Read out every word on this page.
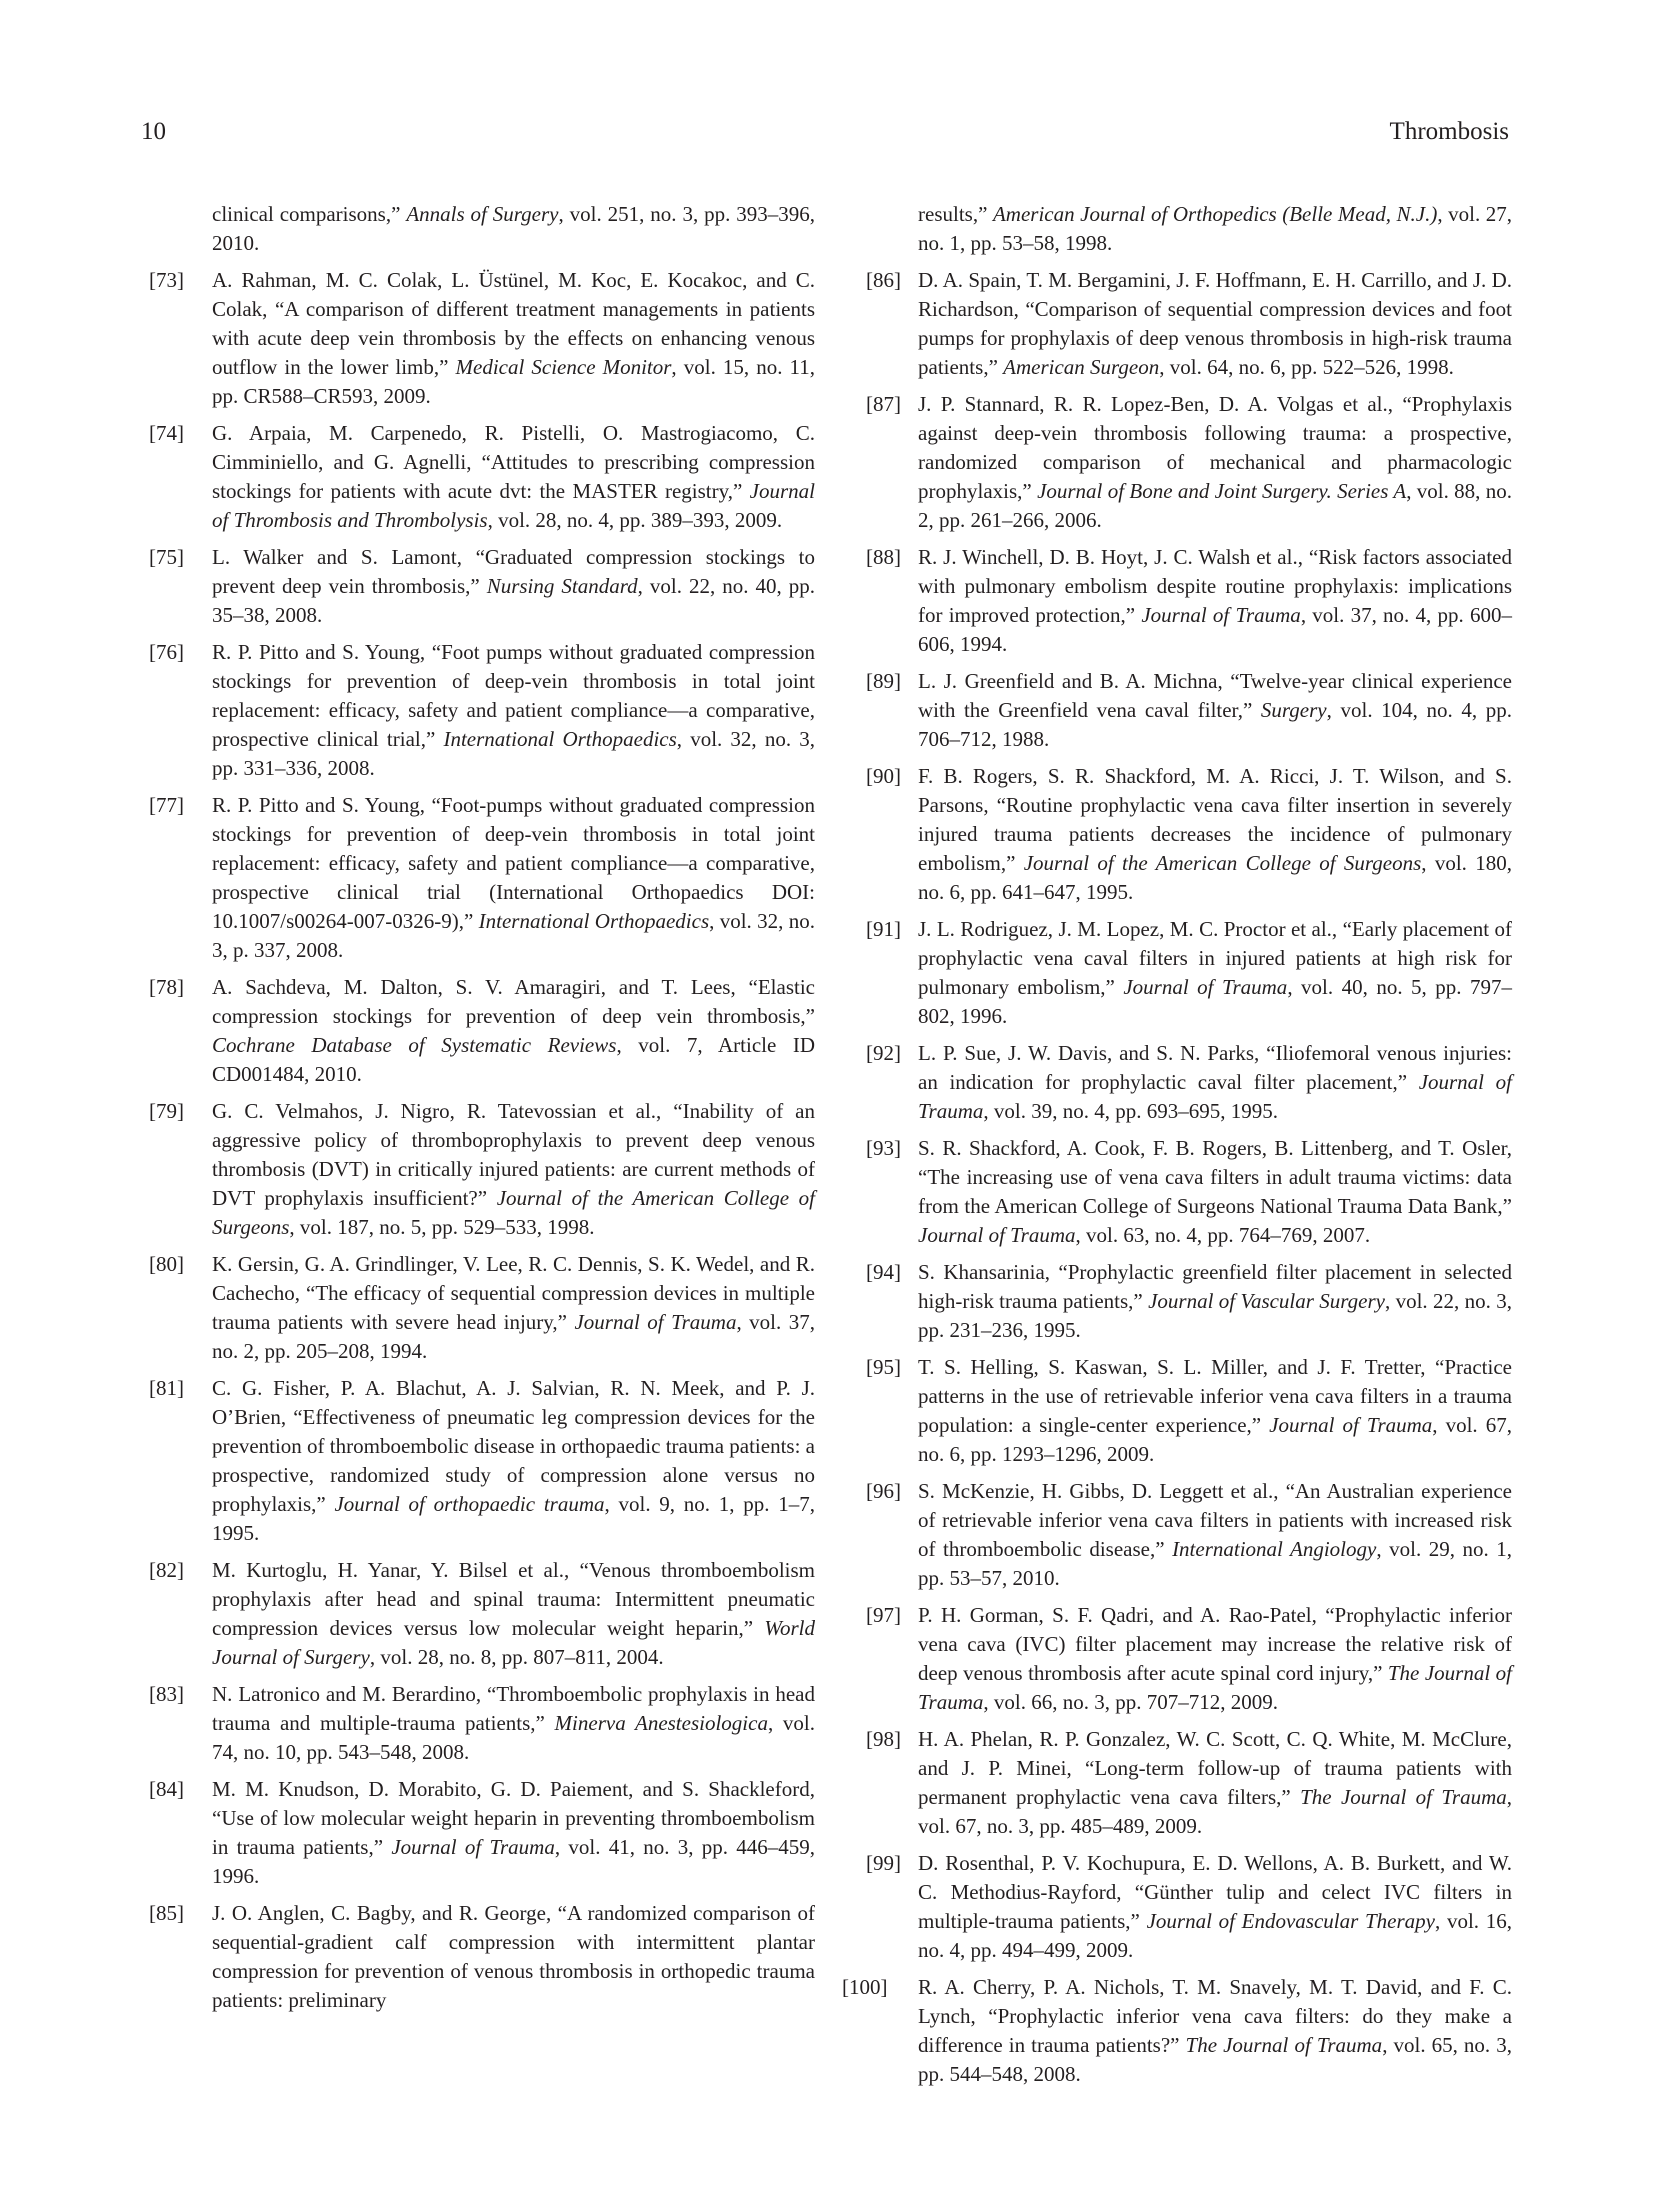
10	Thrombosis
clinical comparisons,” Annals of Surgery, vol. 251, no. 3, pp. 393–396, 2010.
[73] A. Rahman, M. C. Colak, L. Üstünel, M. Koc, E. Kocakoc, and C. Colak, “A comparison of different treatment managements in patients with acute deep vein thrombosis by the effects on enhancing venous outflow in the lower limb,” Medical Science Monitor, vol. 15, no. 11, pp. CR588–CR593, 2009.
[74] G. Arpaia, M. Carpenedo, R. Pistelli, O. Mastrogiacomo, C. Cimminiello, and G. Agnelli, “Attitudes to prescribing compression stockings for patients with acute dvt: the MASTER registry,” Journal of Thrombosis and Thrombolysis, vol. 28, no. 4, pp. 389–393, 2009.
[75] L. Walker and S. Lamont, “Graduated compression stockings to prevent deep vein thrombosis,” Nursing Standard, vol. 22, no. 40, pp. 35–38, 2008.
[76] R. P. Pitto and S. Young, “Foot pumps without graduated compression stockings for prevention of deep-vein thrombosis in total joint replacement: efficacy, safety and patient compliance—a comparative, prospective clinical trial,” International Orthopaedics, vol. 32, no. 3, pp. 331–336, 2008.
[77] R. P. Pitto and S. Young, “Foot-pumps without graduated compression stockings for prevention of deep-vein thrombosis in total joint replacement: efficacy, safety and patient compliance—a comparative, prospective clinical trial (International Orthopaedics DOI: 10.1007/s00264-007-0326-9),” International Orthopaedics, vol. 32, no. 3, p. 337, 2008.
[78] A. Sachdeva, M. Dalton, S. V. Amaragiri, and T. Lees, “Elastic compression stockings for prevention of deep vein thrombosis,” Cochrane Database of Systematic Reviews, vol. 7, Article ID CD001484, 2010.
[79] G. C. Velmahos, J. Nigro, R. Tatevossian et al., “Inability of an aggressive policy of thromboprophylaxis to prevent deep venous thrombosis (DVT) in critically injured patients: are current methods of DVT prophylaxis insufficient?” Journal of the American College of Surgeons, vol. 187, no. 5, pp. 529–533, 1998.
[80] K. Gersin, G. A. Grindlinger, V. Lee, R. C. Dennis, S. K. Wedel, and R. Cachecho, “The efficacy of sequential compression devices in multiple trauma patients with severe head injury,” Journal of Trauma, vol. 37, no. 2, pp. 205–208, 1994.
[81] C. G. Fisher, P. A. Blachut, A. J. Salvian, R. N. Meek, and P. J. O’Brien, “Effectiveness of pneumatic leg compression devices for the prevention of thromboembolic disease in orthopaedic trauma patients: a prospective, randomized study of compression alone versus no prophylaxis,” Journal of orthopaedic trauma, vol. 9, no. 1, pp. 1–7, 1995.
[82] M. Kurtoglu, H. Yanar, Y. Bilsel et al., “Venous thromboembolism prophylaxis after head and spinal trauma: Intermittent pneumatic compression devices versus low molecular weight heparin,” World Journal of Surgery, vol. 28, no. 8, pp. 807–811, 2004.
[83] N. Latronico and M. Berardino, “Thromboembolic prophylaxis in head trauma and multiple-trauma patients,” Minerva Anestesiologica, vol. 74, no. 10, pp. 543–548, 2008.
[84] M. M. Knudson, D. Morabito, G. D. Paiement, and S. Shackleford, “Use of low molecular weight heparin in preventing thromboembolism in trauma patients,” Journal of Trauma, vol. 41, no. 3, pp. 446–459, 1996.
[85] J. O. Anglen, C. Bagby, and R. George, “A randomized comparison of sequential-gradient calf compression with intermittent plantar compression for prevention of venous thrombosis in orthopedic trauma patients: preliminary
results,” American Journal of Orthopedics (Belle Mead, N.J.), vol. 27, no. 1, pp. 53–58, 1998.
[86] D. A. Spain, T. M. Bergamini, J. F. Hoffmann, E. H. Carrillo, and J. D. Richardson, “Comparison of sequential compression devices and foot pumps for prophylaxis of deep venous thrombosis in high-risk trauma patients,” American Surgeon, vol. 64, no. 6, pp. 522–526, 1998.
[87] J. P. Stannard, R. R. Lopez-Ben, D. A. Volgas et al., “Prophylaxis against deep-vein thrombosis following trauma: a prospective, randomized comparison of mechanical and pharmacologic prophylaxis,” Journal of Bone and Joint Surgery. Series A, vol. 88, no. 2, pp. 261–266, 2006.
[88] R. J. Winchell, D. B. Hoyt, J. C. Walsh et al., “Risk factors associated with pulmonary embolism despite routine prophylaxis: implications for improved protection,” Journal of Trauma, vol. 37, no. 4, pp. 600–606, 1994.
[89] L. J. Greenfield and B. A. Michna, “Twelve-year clinical experience with the Greenfield vena caval filter,” Surgery, vol. 104, no. 4, pp. 706–712, 1988.
[90] F. B. Rogers, S. R. Shackford, M. A. Ricci, J. T. Wilson, and S. Parsons, “Routine prophylactic vena cava filter insertion in severely injured trauma patients decreases the incidence of pulmonary embolism,” Journal of the American College of Surgeons, vol. 180, no. 6, pp. 641–647, 1995.
[91] J. L. Rodriguez, J. M. Lopez, M. C. Proctor et al., “Early placement of prophylactic vena caval filters in injured patients at high risk for pulmonary embolism,” Journal of Trauma, vol. 40, no. 5, pp. 797–802, 1996.
[92] L. P. Sue, J. W. Davis, and S. N. Parks, “Iliofemoral venous injuries: an indication for prophylactic caval filter placement,” Journal of Trauma, vol. 39, no. 4, pp. 693–695, 1995.
[93] S. R. Shackford, A. Cook, F. B. Rogers, B. Littenberg, and T. Osler, “The increasing use of vena cava filters in adult trauma victims: data from the American College of Surgeons National Trauma Data Bank,” Journal of Trauma, vol. 63, no. 4, pp. 764–769, 2007.
[94] S. Khansarinia, “Prophylactic greenfield filter placement in selected high-risk trauma patients,” Journal of Vascular Surgery, vol. 22, no. 3, pp. 231–236, 1995.
[95] T. S. Helling, S. Kaswan, S. L. Miller, and J. F. Tretter, “Practice patterns in the use of retrievable inferior vena cava filters in a trauma population: a single-center experience,” Journal of Trauma, vol. 67, no. 6, pp. 1293–1296, 2009.
[96] S. McKenzie, H. Gibbs, D. Leggett et al., “An Australian experience of retrievable inferior vena cava filters in patients with increased risk of thromboembolic disease,” International Angiology, vol. 29, no. 1, pp. 53–57, 2010.
[97] P. H. Gorman, S. F. Qadri, and A. Rao-Patel, “Prophylactic inferior vena cava (IVC) filter placement may increase the relative risk of deep venous thrombosis after acute spinal cord injury,” The Journal of Trauma, vol. 66, no. 3, pp. 707–712, 2009.
[98] H. A. Phelan, R. P. Gonzalez, W. C. Scott, C. Q. White, M. McClure, and J. P. Minei, “Long-term follow-up of trauma patients with permanent prophylactic vena cava filters,” The Journal of Trauma, vol. 67, no. 3, pp. 485–489, 2009.
[99] D. Rosenthal, P. V. Kochupura, E. D. Wellons, A. B. Burkett, and W. C. Methodius-Rayford, “Günther tulip and celect IVC filters in multiple-trauma patients,” Journal of Endovascular Therapy, vol. 16, no. 4, pp. 494–499, 2009.
[100] R. A. Cherry, P. A. Nichols, T. M. Snavely, M. T. David, and F. C. Lynch, “Prophylactic inferior vena cava filters: do they make a difference in trauma patients?” The Journal of Trauma, vol. 65, no. 3, pp. 544–548, 2008.
